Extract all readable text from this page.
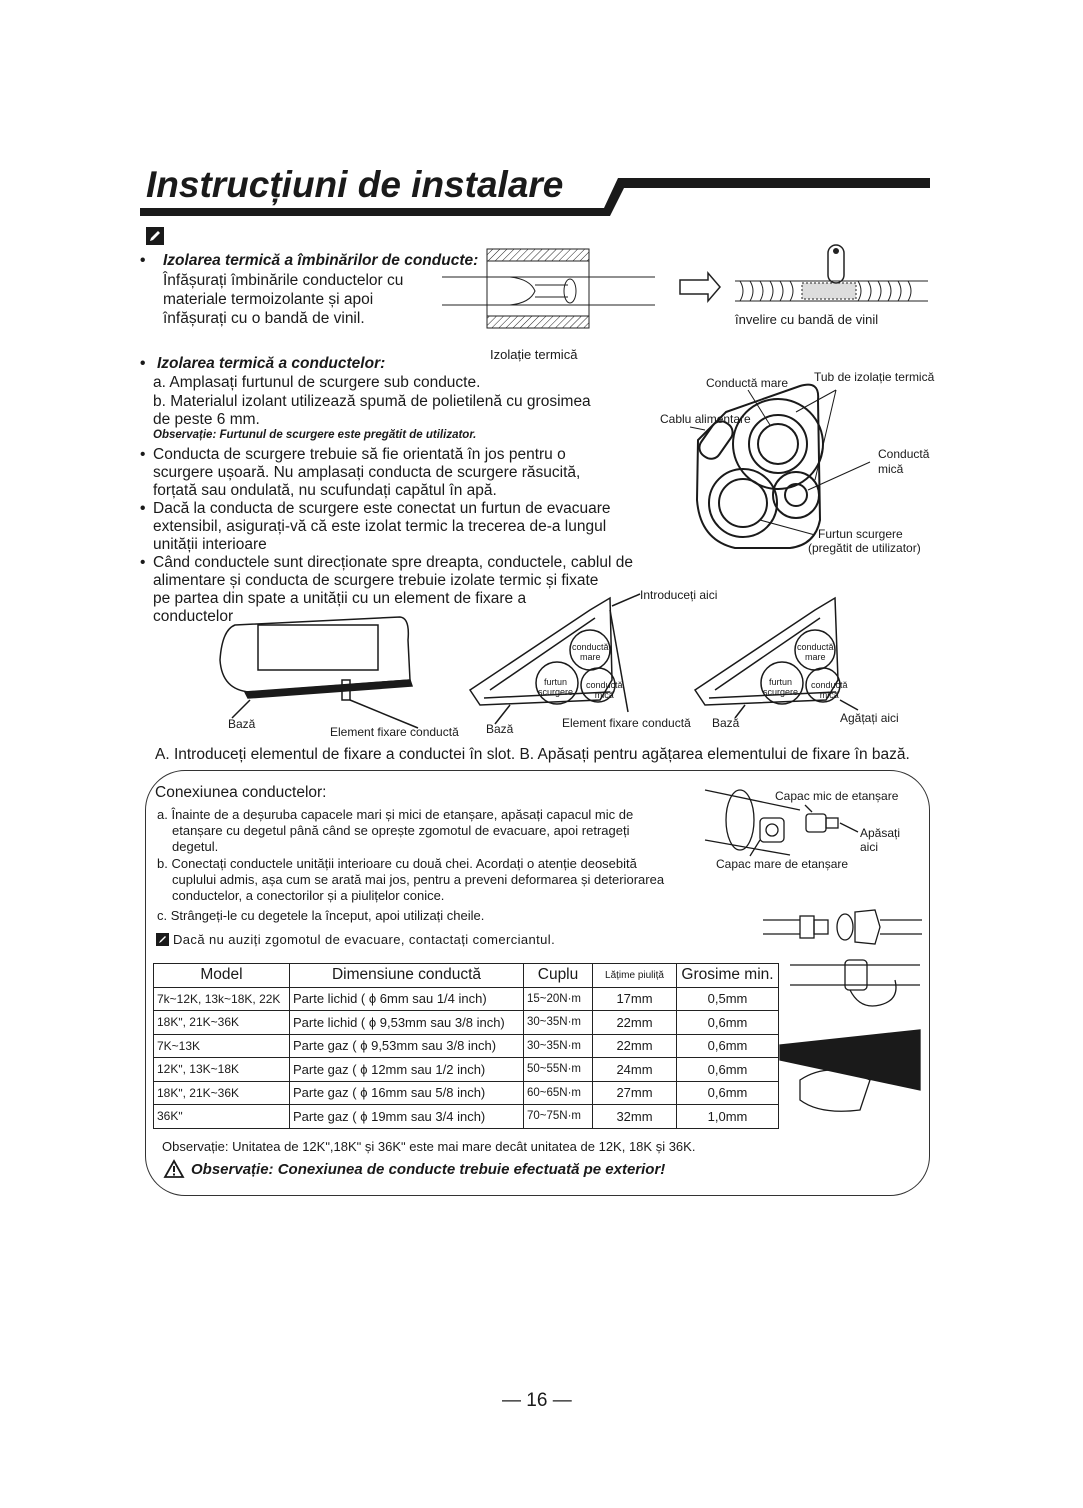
Instrucțiuni de instalare
• Izolarea termică a îmbinărilor de conducte:
Înfășurați îmbinările conductelor cu
materiale termoizolante și apoi
înfășurați cu o bandă de vinil.
Izolație termică
învelire cu bandă de vinil
• Izolarea termică a conductelor:
a. Amplasați furtunul de scurgere sub conducte.
b. Materialul izolant utilizează spumă de polietilenă cu grosimea
de peste 6 mm.
Observație: Furtunul de scurgere este pregătit de utilizator.
• Conducta de scurgere trebuie să fie orientată în jos pentru o
scurgere ușoară. Nu amplasați conducta de scurgere răsucită,
forțată sau ondulată, nu scufundați capătul în apă.
• Dacă la conducta de scurgere este conectat un furtun de evacuare
extensibil, asigurați-vă că este izolat termic la trecerea de-a lungul
unității interioare
• Când conductele sunt direcționate spre dreapta, conductele, cablul de
alimentare și conducta de scurgere trebuie izolate termic și fixate
pe partea din spate a unității cu un element de fixare a
conductelor
Conductă mare Tub de izolație termică
Cablu alimentare
Conductă
mică
Furtun scurgere
(pregătit de utilizator)
Bază
Element fixare conductă Bază	Element fixare conductă Bază
Introduceți aici
Agățați aici
conductă
mare
furtun
scurgere
conductă
mică
conductă
mare
furtun
scurgere
conductă
mică
A. Introduceți elementul de fixare a conductei în slot. B. Apăsați pentru agățarea elementului de fixare în bază.
Conexiunea conductelor:
a. Înainte de a deșuruba capacele mari și mici de etanșare, apăsați capacul mic de
etanșare cu degetul până când se oprește zgomotul de evacuare, apoi retrageți
degetul.
b. Conectați conductele unității interioare cu două chei. Acordați o atenție deosebită
cuplului admis, așa cum se arată mai jos, pentru a preveni deformarea și deteriorarea
conductelor, a conectorilor și a piulițelor conice.
c. Strângeți-le cu degetele la început, apoi utilizați cheile.
Dacă nu auziți zgomotul de evacuare, contactați comerciantul.
Capac mic de etanșare
Apăsați
aici
Capac mare de etanșare
Model	Dimensiune conductă	Cuplu	Lățime piuliță	Grosime min.
7k~12K, 13k~18K, 22K	Parte lichid ( ϕ 6mm sau 1/4 inch)	15~20N·m	17mm	0,5mm
18Kʺ, 21K~36K	Parte lichid ( ϕ 9,53mm sau 3/8 inch)	30~35N·m	22mm	0,6mm
7K~13K	Parte gaz ( ϕ 9,53mm sau 3/8 inch)	30~35N·m	22mm	0,6mm
12Kʺ, 13K~18K	Parte gaz ( ϕ 12mm sau 1/2 inch)	50~55N·m	24mm	0,6mm
18Kʺ, 21K~36K	Parte gaz ( ϕ 16mm sau 5/8 inch)	60~65N·m	27mm	0,6mm
36Kʺ	Parte gaz ( ϕ 19mm sau 3/4 inch)	70~75N·m	32mm	1,0mm
Observație: Unitatea de 12Kʺ,18Kʺ și 36Kʺ este mai mare decât unitatea de 12K, 18K și 36K.
Observație: Conexiunea de conducte trebuie efectuată pe exterior!
— 16 —
